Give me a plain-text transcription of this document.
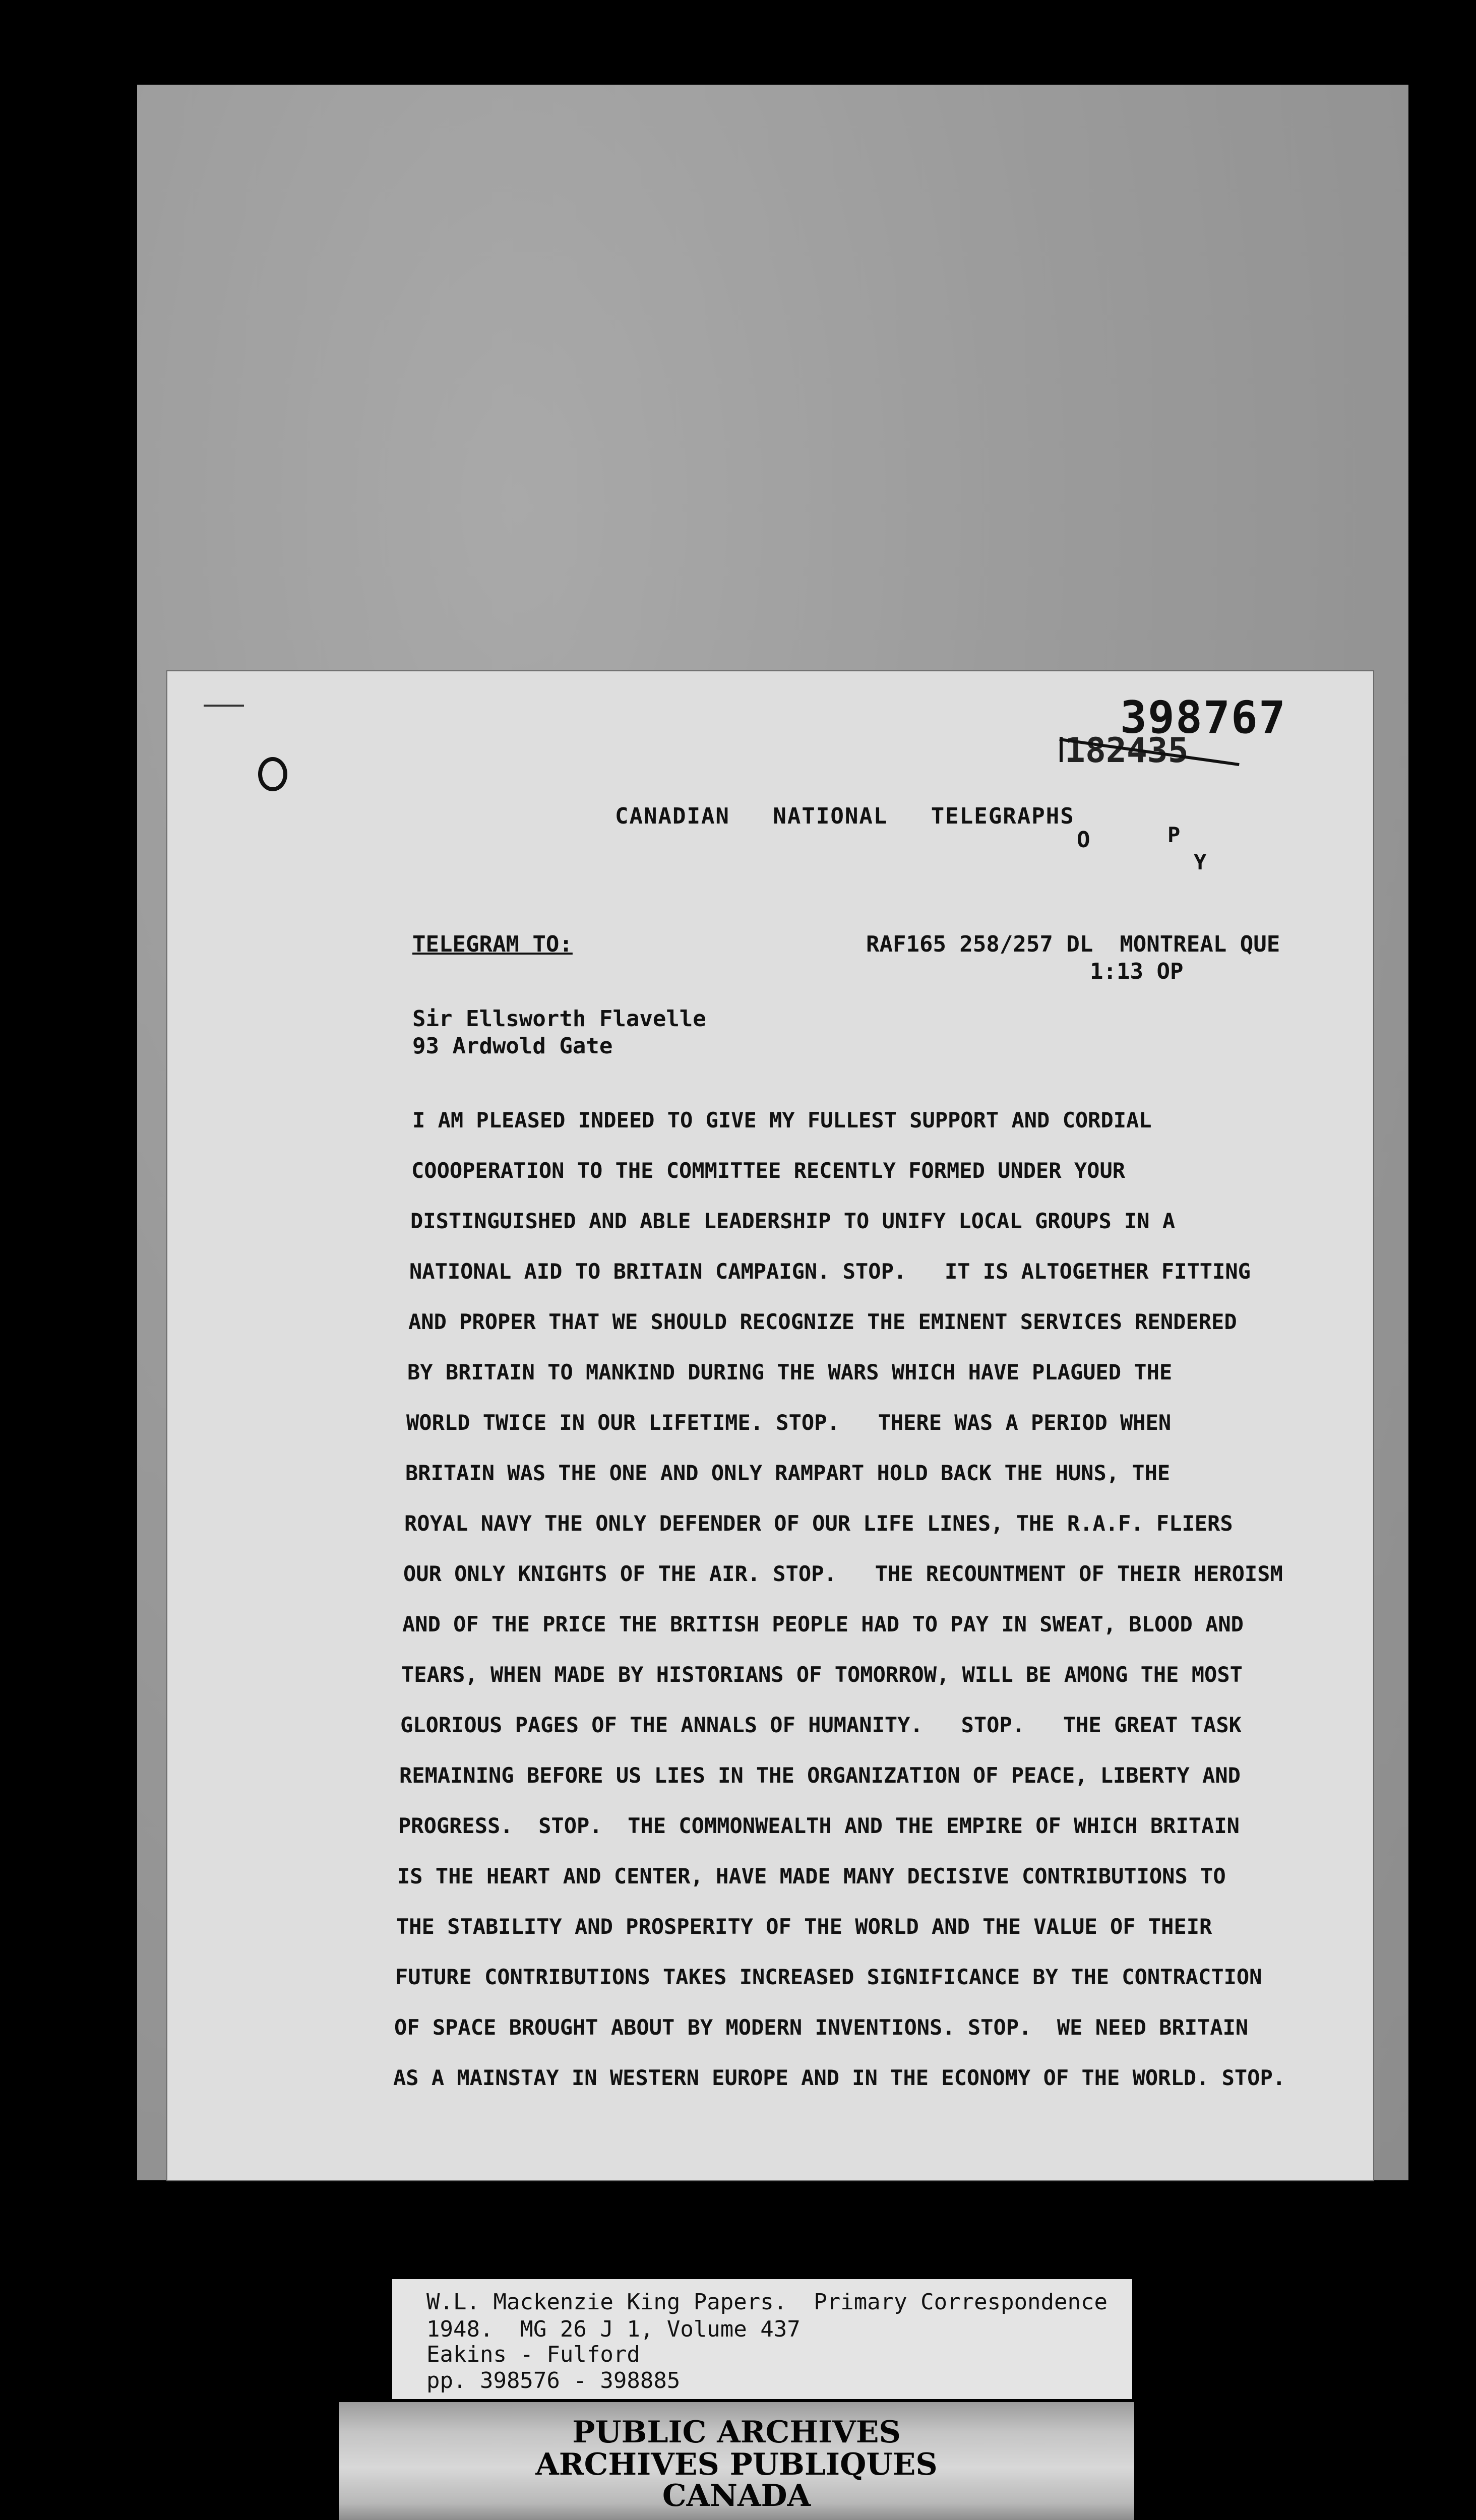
398767
182435

O
	P
Y
CANADIAN   NATIONAL   TELEGRAPHS
TELEGRAM TO:	RAF165 258/257 DL  MONTREAL QUE
1:13 OP
Sir Ellsworth Flavelle
93 Ardwold Gate
I AM PLEASED INDEED TO GIVE MY FULLEST SUPPORT AND CORDIAL
COOOPERATION TO THE COMMITTEE RECENTLY FORMED UNDER YOUR
DISTINGUISHED AND ABLE LEADERSHIP TO UNIFY LOCAL GROUPS IN A
NATIONAL AID TO BRITAIN CAMPAIGN. STOP.   IT IS ALTOGETHER FITTING
AND PROPER THAT WE SHOULD RECOGNIZE THE EMINENT SERVICES RENDERED
BY BRITAIN TO MANKIND DURING THE WARS WHICH HAVE PLAGUED THE
WORLD TWICE IN OUR LIFETIME. STOP.   THERE WAS A PERIOD WHEN
BRITAIN WAS THE ONE AND ONLY RAMPART HOLD BACK THE HUNS, THE
ROYAL NAVY THE ONLY DEFENDER OF OUR LIFE LINES, THE R.A.F. FLIERS
OUR ONLY KNIGHTS OF THE AIR. STOP.   THE RECOUNTMENT OF THEIR HEROISM
AND OF THE PRICE THE BRITISH PEOPLE HAD TO PAY IN SWEAT, BLOOD AND
TEARS, WHEN MADE BY HISTORIANS OF TOMORROW, WILL BE AMONG THE MOST
GLORIOUS PAGES OF THE ANNALS OF HUMANITY.   STOP.   THE GREAT TASK
REMAINING BEFORE US LIES IN THE ORGANIZATION OF PEACE, LIBERTY AND
PROGRESS.  STOP.  THE COMMONWEALTH AND THE EMPIRE OF WHICH BRITAIN
IS THE HEART AND CENTER, HAVE MADE MANY DECISIVE CONTRIBUTIONS TO
THE STABILITY AND PROSPERITY OF THE WORLD AND THE VALUE OF THEIR
FUTURE CONTRIBUTIONS TAKES INCREASED SIGNIFICANCE BY THE CONTRACTION
OF SPACE BROUGHT ABOUT BY MODERN INVENTIONS. STOP.  WE NEED BRITAIN
AS A MAINSTAY IN WESTERN EUROPE AND IN THE ECONOMY OF THE WORLD. STOP.
W.L. Mackenzie King Papers.  Primary Correspondence
1948.  MG 26 J 1, Volume 437
Eakins - Fulford
pp. 398576 - 398885
PUBLIC ARCHIVES
ARCHIVES PUBLIQUES
CANADA
